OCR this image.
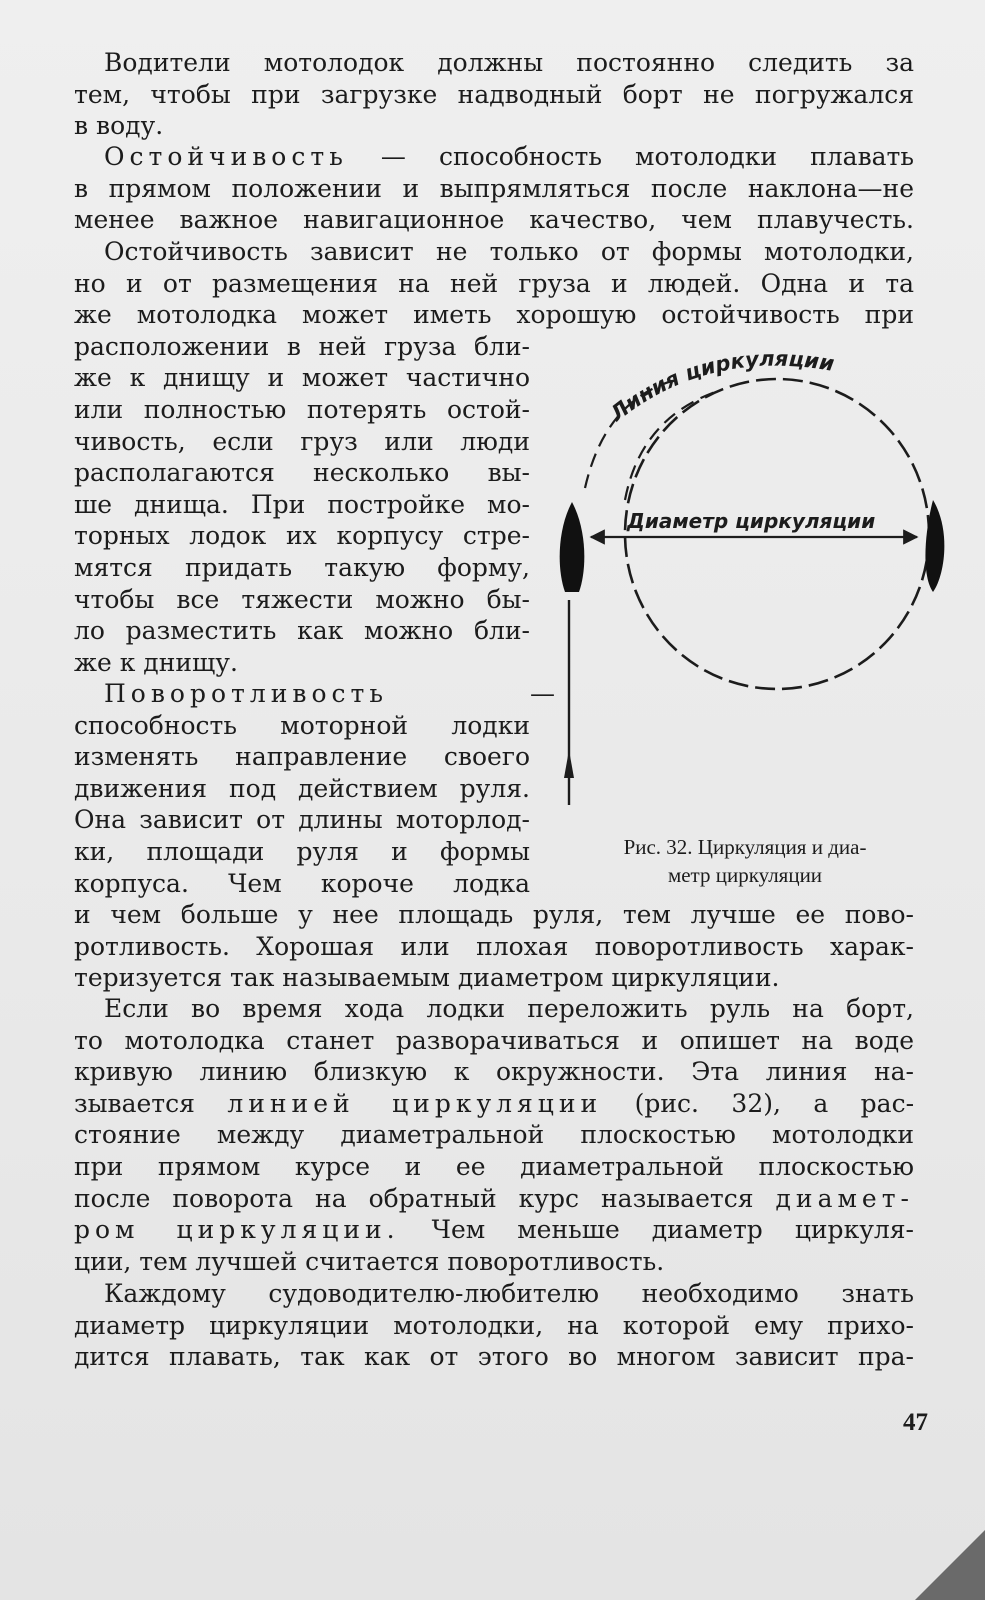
Водители мотолодок должны постоянно следить за
тем, чтобы при загрузке надводный борт не погружался
в воду.
Остойчивость — способность мотолодки плавать
в прямом положении и выпрямляться после наклона—не
менее важное навигационное качество, чем плавучесть.
Остойчивость зависит не только от формы мотолодки,
но и от размещения на ней груза и людей. Одна и та
же мотолодка может иметь хорошую остойчивость при
расположении в ней груза бли-
же к днищу и может частично
или полностью потерять остой-
чивость, если груз или люди
располагаются несколько вы-
ше днища. При постройке мо-
торных лодок их корпусу стре-
мятся придать такую форму,
чтобы все тяжести можно бы-
ло разместить как можно бли-
же к днищу.
Поворотливость —
способность моторной лодки
изменять направление своего
движения под действием руля.
Она зависит от длины моторлод-
ки, площади руля и формы
корпуса. Чем короче лодка
и чем больше у нее площадь руля, тем лучше ее пово-
ротливость. Хорошая или плохая поворотливость харак-
теризуется так называемым диаметром циркуляции.
Если во время хода лодки переложить руль на борт,
то мотолодка станет разворачиваться и опишет на воде
кривую линию близкую к окружности. Эта линия на-
зывается линией циркуляции (рис. 32), а рас-
стояние между диаметральной плоскостью мотолодки
при прямом курсе и ее диаметральной плоскостью
после поворота на обратный курс называется диамет-
ром циркуляции. Чем меньше диаметр циркуля-
ции, тем лучшей считается поворотливость.
Каждому судоводителю-любителю необходимо знать
диаметр циркуляции мотолодки, на которой ему прихо-
дится плавать, так как от этого во многом зависит пра-
Линия циркуляции
Диаметр циркуляции
Рис. 32. Циркуляция и диа-
метр циркуляции
47
